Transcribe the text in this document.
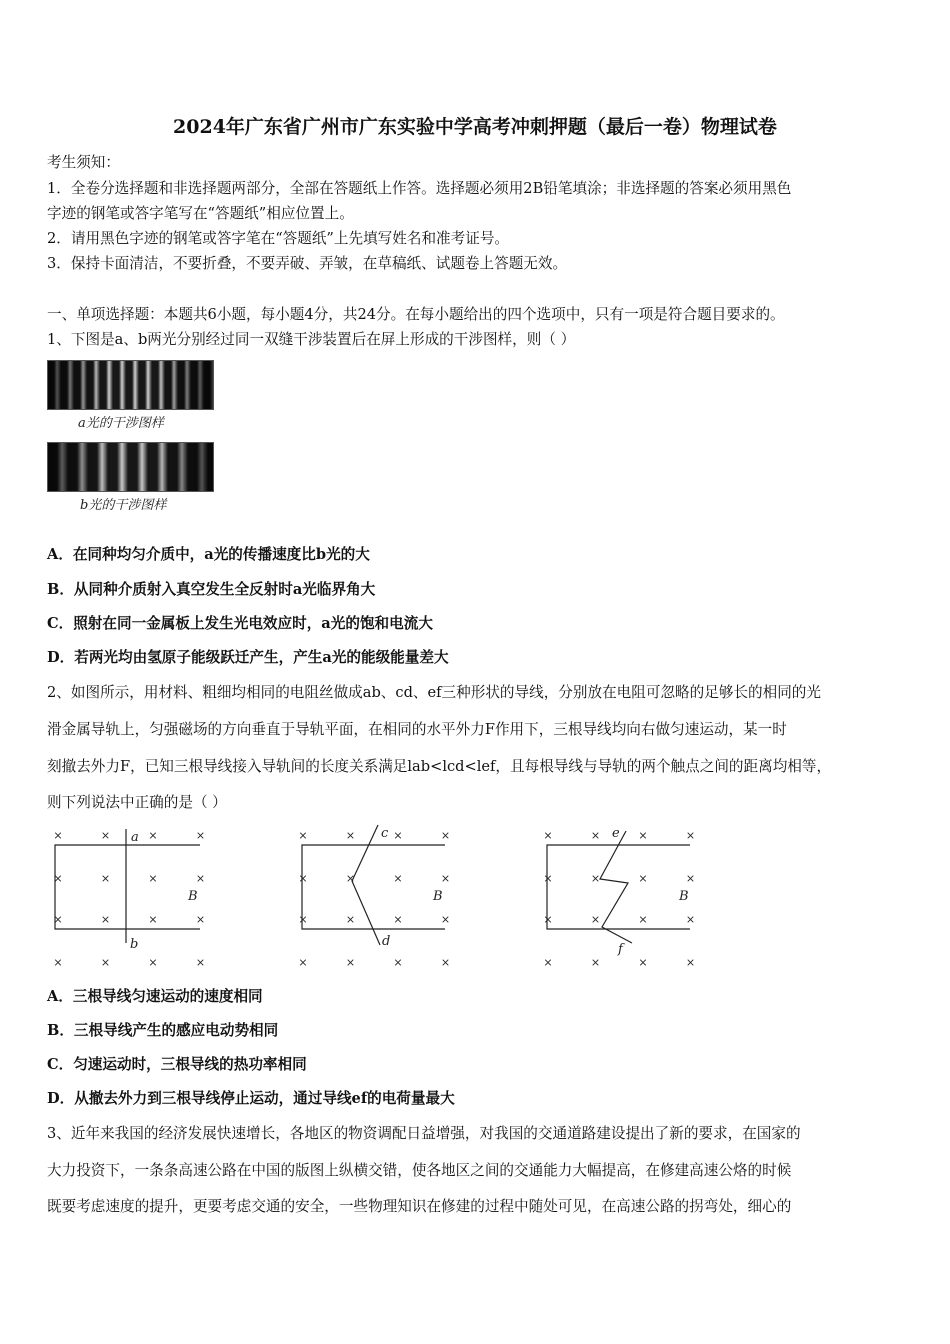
2024年广东省广州市广东实验中学高考冲刺押题（最后一卷）物理试卷
考生须知：
1．全卷分选择题和非选择题两部分，全部在答题纸上作答。选择题必须用2B铅笔填涂；非选择题的答案必须用黑色
字迹的钢笔或答字笔写在“答题纸”相应位置上。
2．请用黑色字迹的钢笔或答字笔在“答题纸”上先填写姓名和准考证号。
3．保持卡面清洁，不要折叠，不要弄破、弄皱，在草稿纸、试题卷上答题无效。
一、单项选择题：本题共6小题，每小题4分，共24分。在每小题给出的四个选项中，只有一项是符合题目要求的。
1、下图是a、b两光分别经过同一双缝干涉装置后在屏上形成的干涉图样，则（ ）
a光的干涉图样
b光的干涉图样
A．在同种均匀介质中，a光的传播速度比b光的大
B．从同种介质射入真空发生全反射时a光临界角大
C．照射在同一金属板上发生光电效应时，a光的饱和电流大
D．若两光均由氢原子能级跃迁产生，产生a光的能级能量差大
2、如图所示，用材料、粗细均相同的电阻丝做成ab、cd、ef三种形状的导线，分别放在电阻可忽略的足够长的相同的光
滑金属导轨上，匀强磁场的方向垂直于导轨平面，在相同的水平外力F作用下，三根导线均向右做匀速运动，某一时
刻撤去外力F，已知三根导线接入导轨间的长度关系满足lab<lcd<lef，且每根导线与导轨的两个触点之间的距离均相等，
则下列说法中正确的是（ ）
×	×	×	×
×	×	×	×
×	×	×	×
×	×	×	×
×	×	×	×
×	×	×	×
×	×	×	×
×	×	×	×
×	×	×	×
×	×	×	×
×	×	×	×
×	×	×	×
a
b
c
d
e
f
B	B	B
A．三根导线匀速运动的速度相同
B．三根导线产生的感应电动势相同
C．匀速运动时，三根导线的热功率相同
D．从撤去外力到三根导线停止运动，通过导线ef的电荷量最大
3、近年来我国的经济发展快速增长，各地区的物资调配日益增强，对我国的交通道路建设提出了新的要求，在国家的
大力投资下，一条条高速公路在中国的版图上纵横交错，使各地区之间的交通能力大幅提高，在修建高速公烙的时候
既要考虑速度的提升，更要考虑交通的安全，一些物理知识在修建的过程中随处可见，在高速公路的拐弯处，细心的
